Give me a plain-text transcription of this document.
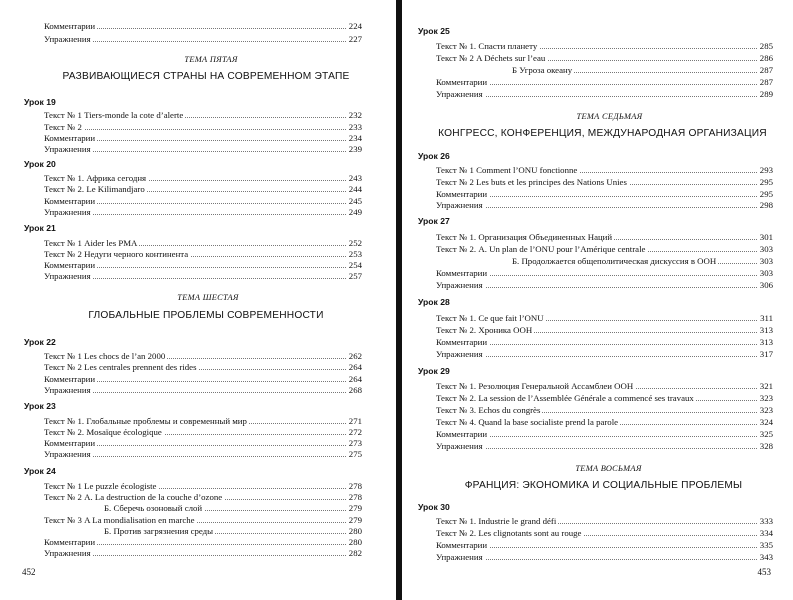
Комментарии	224
Упражнения	227
ТЕМА ПЯТАЯ
РАЗВИВАЮЩИЕСЯ СТРАНЫ НА СОВРЕМЕННОМ ЭТАПЕ
Урок 19
Текст № 1 Tiers-monde la cote d’alerte	232
Текст № 2	233
Комментарии	234
Упражнения	239
Урок 20
Текст № 1. Африка сегодня	243
Текст № 2. Le Kilimandjaro	244
Комментарии	245
Упражнения	249
Урок 21
Текст № 1 Aider les PMA	252
Текст № 2 Недуги черного континента	253
Комментарии	254
Упражнения	257
ТЕМА ШЕСТАЯ
ГЛОБАЛЬНЫЕ ПРОБЛЕМЫ СОВРЕМЕННОСТИ
Урок 22
Текст № 1 Les chocs de l’an 2000	262
Текст № 2 Les centrales prennent des rides	264
Комментарии	264
Упражнения	268
Урок 23
Текст № 1. Глобальные проблемы и современный мир	271
Текст № 2. Mosaïque écologique	272
Комментарии	273
Упражнения	275
Урок 24
Текст № 1 Le puzzle écologiste	278
Текст № 2 A. La destruction de la couche d’ozone	278
Б. Сберечь озоновый слой	279
Текст № 3 A La mondialisation en marche	279
Б. Против загрязнения среды	280
Комментарии	280
Упражнения	282
452
Урок 25
Текст № 1. Спасти планету	285
Текст № 2 A Déchets sur l’eau	286
Б Угроза океану	287
Комментарии	287
Упражнения	289
ТЕМА СЕДЬМАЯ
КОНГРЕСС, КОНФЕРЕНЦИЯ, МЕЖДУНАРОДНАЯ ОРГАНИЗАЦИЯ
Урок 26
Текст № 1 Comment l’ONU fonctionne	293
Текст № 2 Les buts et les principes des Nations Unies	295
Комментарии	295
Упражнения	298
Урок 27
Текст № 1. Организация Объединенных Наций	301
Текст № 2. A. Un plan de l’ONU pour l’Amérique centrale	303
Б. Продолжается общеполитическая дискуссия в ООН	303
Комментарии	303
Упражнения	306
Урок 28
Текст № 1. Ce que fait l’ONU	311
Текст № 2. Хроника ООН	313
Комментарии	313
Упражнения	317
Урок 29
Текст № 1. Резолюция Генеральной Ассамблеи ООН	321
Текст № 2. La session de l’Assemblée Générale a commencé ses travaux	323
Текст № 3. Echos du congrès	323
Текст № 4. Quand la base socialiste prend la parole	324
Комментарии	325
Упражнения	328
ТЕМА ВОСЬМАЯ
ФРАНЦИЯ: ЭКОНОМИКА И СОЦИАЛЬНЫЕ ПРОБЛЕМЫ
Урок 30
Текст № 1. Industrie le grand défi	333
Текст № 2. Les clignotants sont au rouge	334
Комментарии	335
Упражнения	343
453
